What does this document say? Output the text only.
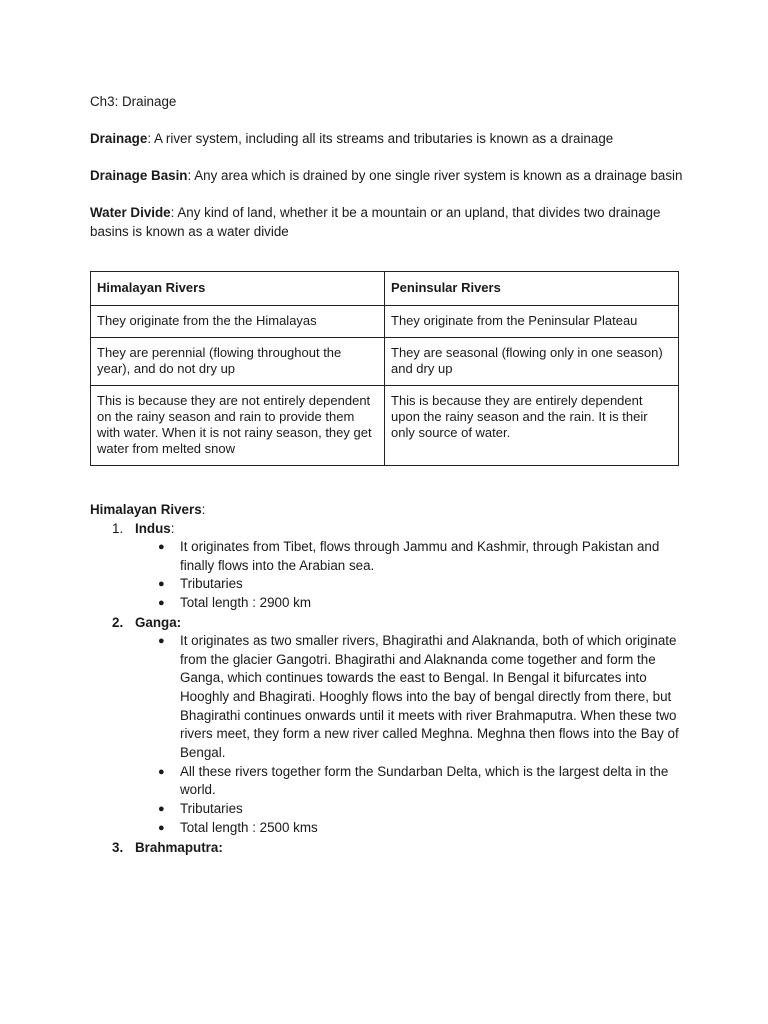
Ch3: Drainage

Drainage: A river system, including all its streams and tributaries is known as a drainage

Drainage Basin: Any area which is drained by one single river system is known as a drainage basin

Water Divide: Any kind of land, whether it be a mountain or an upland, that divides two drainage basins is known as a water divide

Himalayan Rivers	Peninsular Rivers
They originate from the the Himalayas	They originate from the Peninsular Plateau
They are perennial (flowing throughout the year), and do not dry up	They are seasonal (flowing only in one season) and dry up
This is because they are not entirely dependent on the rainy season and rain to provide them with water. When it is not rainy season, they get water from melted snow	This is because they are entirely dependent upon the rainy season and the rain. It is their only source of water.

Himalayan Rivers:

1. Indus:
● It originates from Tibet, flows through Jammu and Kashmir, through Pakistan and finally flows into the Arabian sea.
● Tributaries
● Total length : 2900 km
2. Ganga:
● It originates as two smaller rivers, Bhagirathi and Alaknanda, both of which originate from the glacier Gangotri. Bhagirathi and Alaknanda come together and form the Ganga, which continues towards the east to Bengal. In Bengal it bifurcates into Hooghly and Bhagirati. Hooghly flows into the bay of bengal directly from there, but Bhagirathi continues onwards until it meets with river Brahmaputra. When these two rivers meet, they form a new river called Meghna. Meghna then flows into the Bay of Bengal.
● All these rivers together form the Sundarban Delta, which is the largest delta in the world.
● Tributaries
● Total length : 2500 kms
3. Brahmaputra:
